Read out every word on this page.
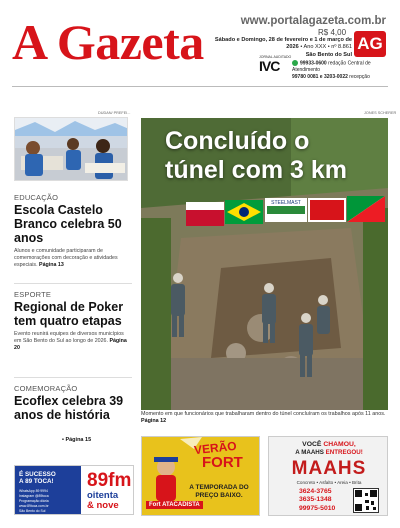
A Gazeta	www.portalagazeta.com.br
R$ 4,00
Sábado e Domingo, 28 de fevereiro e 1 de março de 2026 • Ano XXX • nº 8.861
São Bento do Sul
AG
JORNAL AUDITADO
IVC	99933-0600 redação Central de Atendimento
99780 0081 e 3203-0022 recepção
DUDAN/ PREFEI...
EDUCAÇÃO
Escola Castelo Branco celebra 50 anos
Alunos e comunidade participaram de comemorações com decoração e atividades especiais. Página 13
ESPORTE
Regional de Poker tem quatro etapas
Evento reunirá equipes de diversos municípios em São Bento do Sul ao longo de 2026. Página 20
COMEMORAÇÃO
Ecoflex celebra 39 anos de história
• Página 15
JONES SCHERER
STEELMAST
Concluído o túnel com 3 km
Momento em que funcionários que trabalharam dentro do túnel concluíram os trabalhos após 11 anos. Página 12
É SUCESSO
A 89 TOCA!
WhatsApp 89 9994
Instagram @89toca
Programação diária
www.89toca.com.br
São Bento do Sul
89fm
oitenta
& nove
VERÃO
FORT
A TEMPORADA DO PREÇO BAIXO.
Fort ATACADISTA
VOCÊ CHAMOU,
A MAAHS ENTREGOU!
MAAHS
Concreto • Asfalto • Areia • Brita
3624-3765
3635-1348
99975-5010
